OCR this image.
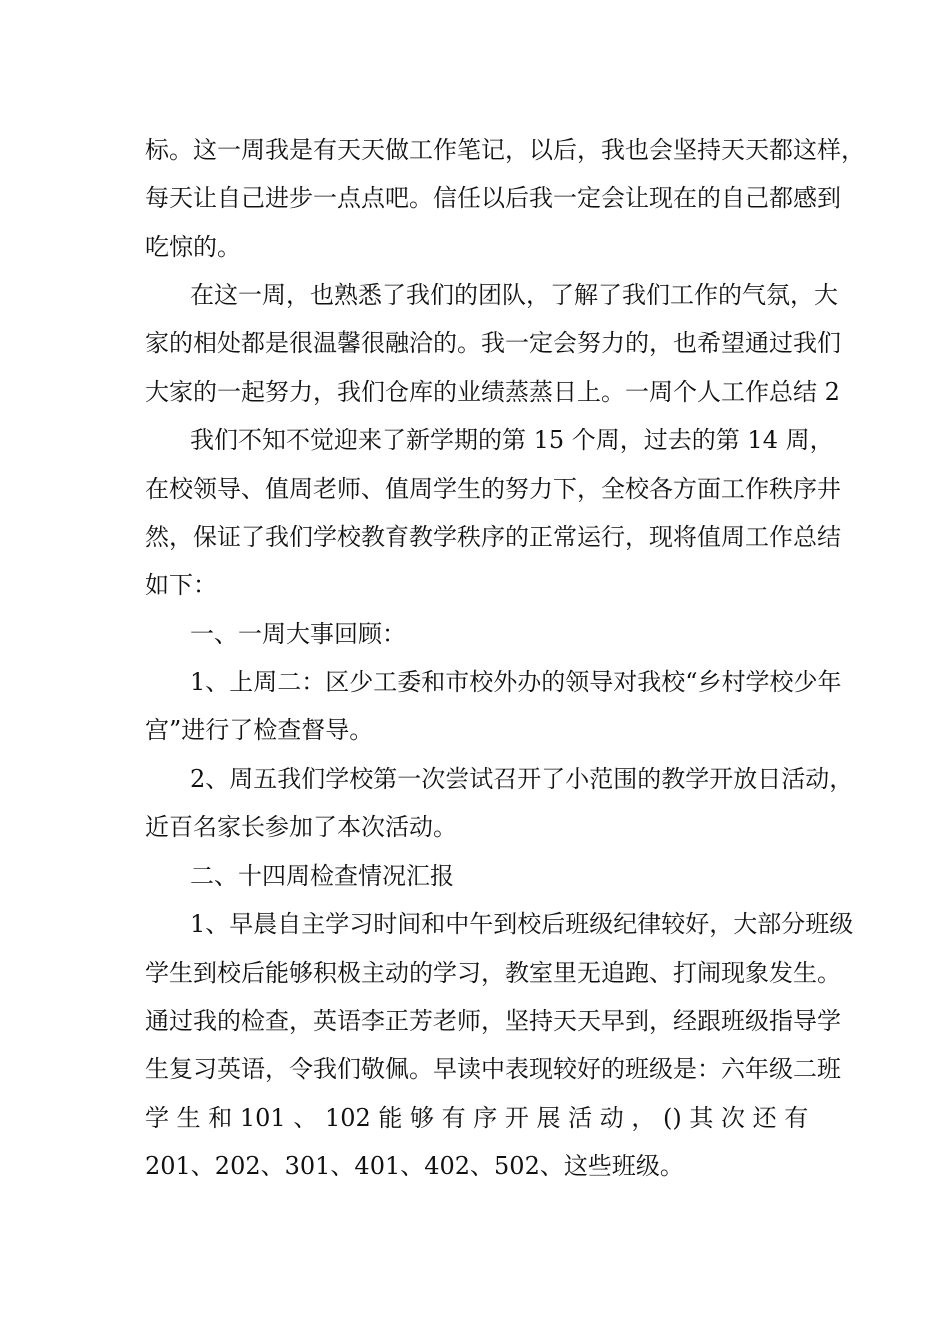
标。这一周我是有天天做工作笔记，以后，我也会坚持天天都这样，
每天让自己进步一点点吧。信任以后我一定会让现在的自己都感到
吃惊的。
在这一周，也熟悉了我们的团队，了解了我们工作的气氛，大
家的相处都是很温馨很融洽的。我一定会努力的，也希望通过我们
大家的一起努力，我们仓库的业绩蒸蒸日上。一周个人工作总结 2
我们不知不觉迎来了新学期的第 15 个周，过去的第 14 周，
在校领导、值周老师、值周学生的努力下，全校各方面工作秩序井
然，保证了我们学校教育教学秩序的正常运行，现将值周工作总结
如下：
一、一周大事回顾：
1、上周二：区少工委和市校外办的领导对我校“乡村学校少年
宫”进行了检查督导。
2、周五我们学校第一次尝试召开了小范围的教学开放日活动，
近百名家长参加了本次活动。
二、十四周检查情况汇报
1、早晨自主学习时间和中午到校后班级纪律较好，大部分班级
学生到校后能够积极主动的学习，教室里无追跑、打闹现象发生。
通过我的检查，英语李正芳老师，坚持天天早到，经跟班级指导学
生复习英语，令我们敬佩。早读中表现较好的班级是：六年级二班
学 生 和 101 、 102 能 够 有 序 开 展 活 动 ， () 其 次 还 有
201、202、301、401、402、502、这些班级。
